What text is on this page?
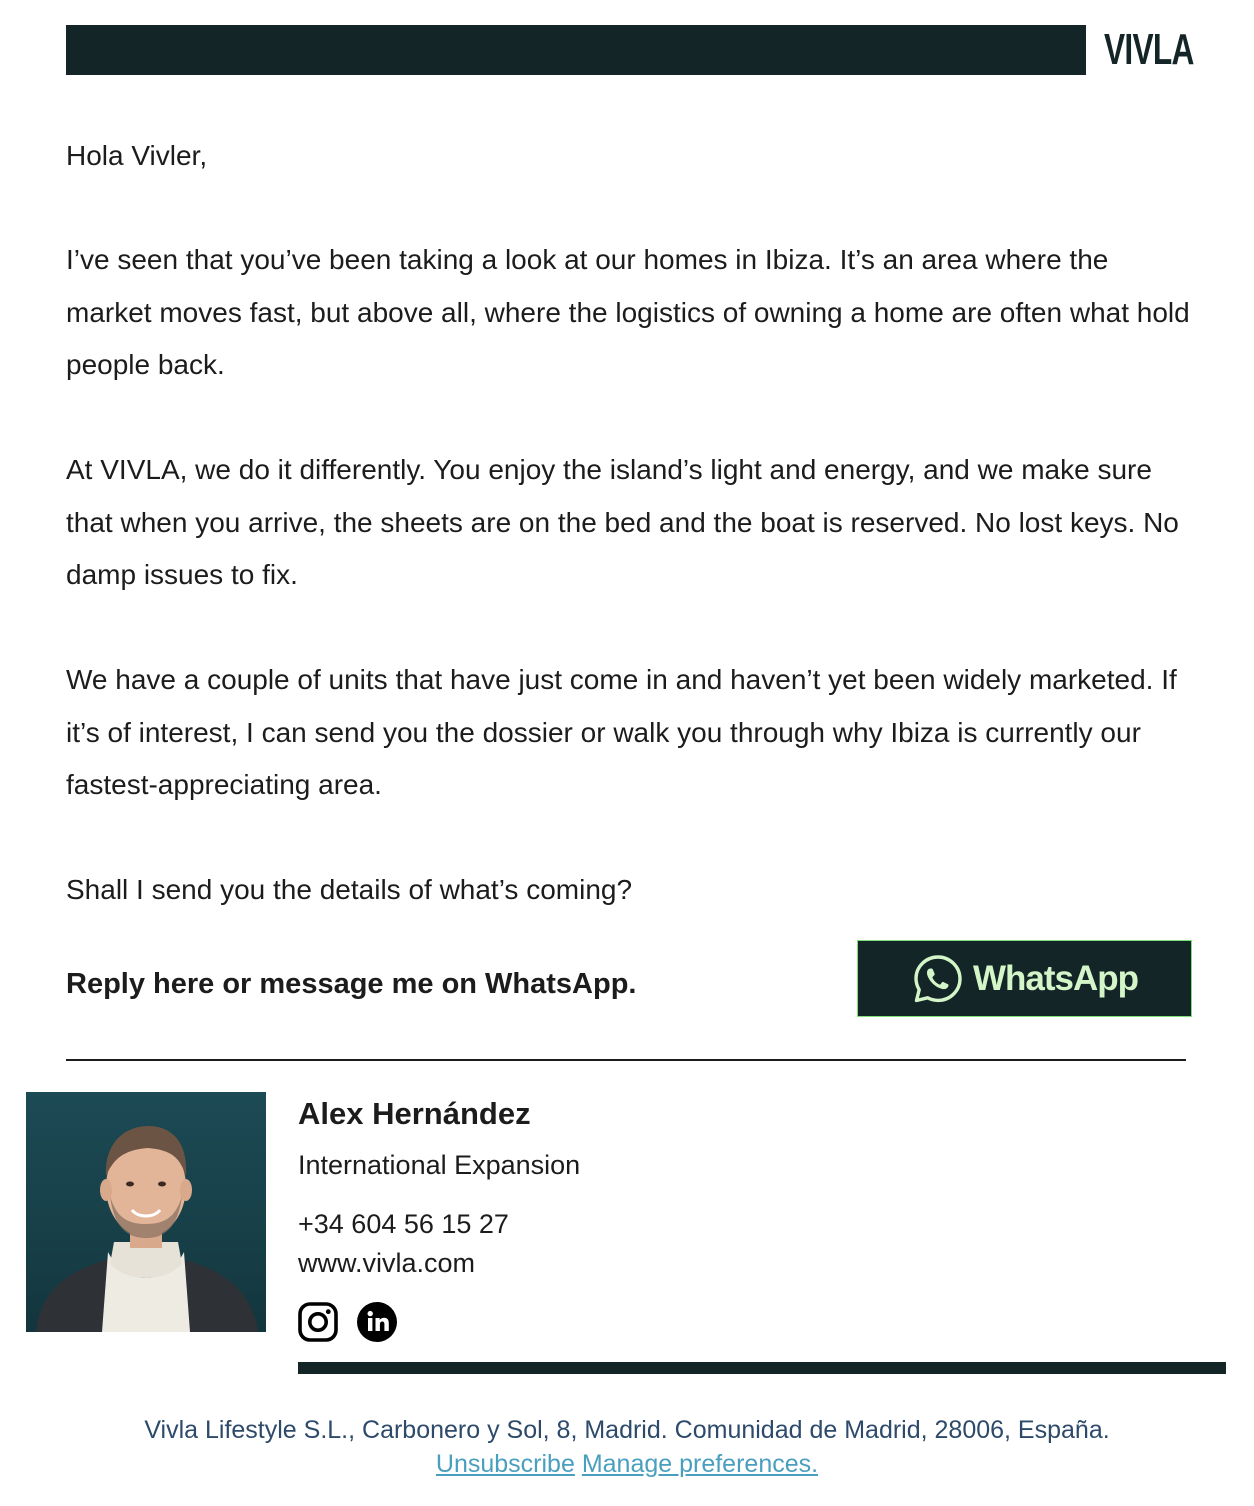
VIVLA

Hola Vivler,

I’ve seen that you’ve been taking a look at our homes in Ibiza. It’s an area where the market moves fast, but above all, where the logistics of owning a home are often what hold people back.

At VIVLA, we do it differently. You enjoy the island’s light and energy, and we make sure that when you arrive, the sheets are on the bed and the boat is reserved. No lost keys. No damp issues to fix.

We have a couple of units that have just come in and haven’t yet been widely marketed. If it’s of interest, I can send you the dossier or walk you through why Ibiza is currently our fastest-appreciating area.

Shall I send you the details of what’s coming?

Reply here or message me on WhatsApp.	WhatsApp
Alex Hernández
International Expansion
+34 604 56 15 27
www.vivla.com
Vivla Lifestyle S.L., Carbonero y Sol, 8, Madrid. Comunidad de Madrid, 28006, España.
Unsubscribe Manage preferences.
